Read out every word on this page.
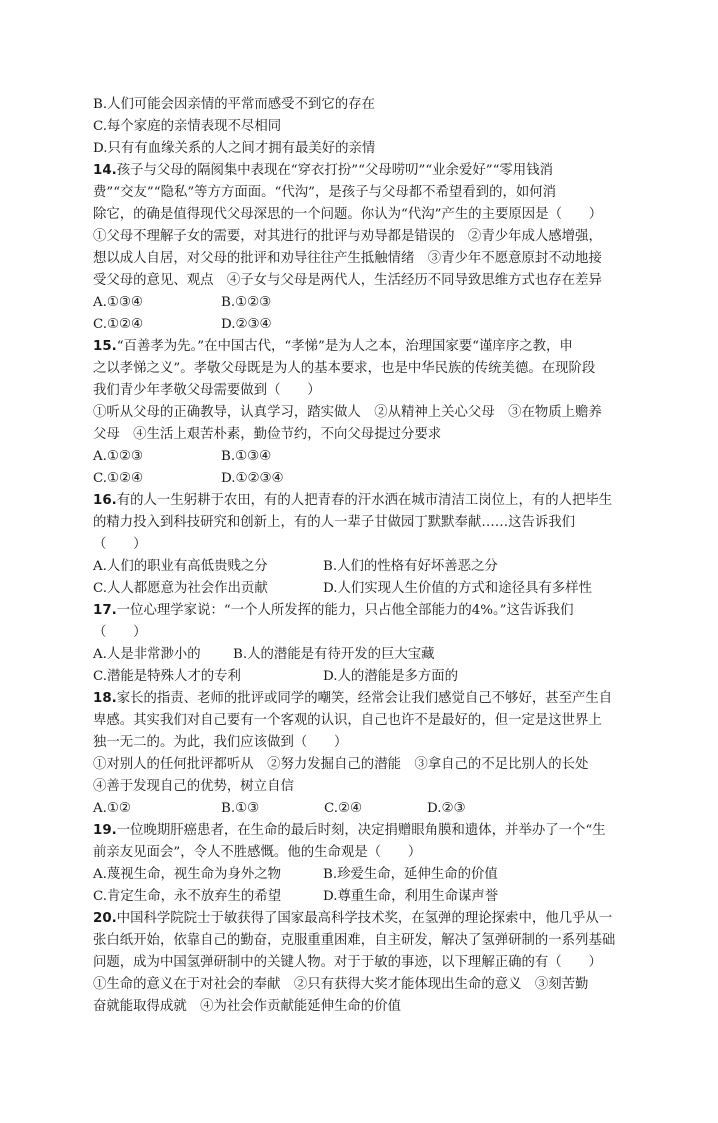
B.人们可能会因亲情的平常而感受不到它的存在
C.每个家庭的亲情表现不尽相同
D.只有有血缘关系的人之间才拥有最美好的亲情
14.孩子与父母的隔阂集中表现在“穿衣打扮”“父母唠叨”“业余爱好”“零用钱消
费”“交友”“隐私”等方方面面。“代沟”，是孩子与父母都不希望看到的，如何消
除它，的确是值得现代父母深思的一个问题。你认为“代沟”产生的主要原因是（　　）
①父母不理解子女的需要，对其进行的批评与劝导都是错误的　②青少年成人感增强，
想以成人自居，对父母的批评和劝导往往产生抵触情绪　③青少年不愿意原封不动地接
受父母的意见、观点　④子女与父母是两代人，生活经历不同导致思维方式也存在差异
A.①③④	B.①②③
C.①②④	D.②③④
15.“百善孝为先。”在中国古代，“孝悌”是为人之本，治理国家要“谨庠序之教，申
之以孝悌之义”。孝敬父母既是为人的基本要求，也是中华民族的传统美德。在现阶段
我们青少年孝敬父母需要做到（　　）
①听从父母的正确教导，认真学习，踏实做人　②从精神上关心父母　③在物质上赡养
父母　④生活上艰苦朴素，勤俭节约，不向父母提过分要求
A.①②③	B.①③④
C.①②④	D.①②③④
16.有的人一生躬耕于农田，有的人把青春的汗水洒在城市清洁工岗位上，有的人把毕生
的精力投入到科技研究和创新上，有的人一辈子甘做园丁默默奉献……这告诉我们
（　　）
A.人们的职业有高低贵贱之分	B.人们的性格有好坏善恶之分
C.人人都愿意为社会作出贡献	D.人们实现人生价值的方式和途径具有多样性
17.一位心理学家说：“一个人所发挥的能力，只占他全部能力的4%。”这告诉我们
（　　）
A.人是非常渺小的	B.人的潜能是有待开发的巨大宝藏
C.潜能是特殊人才的专利	D.人的潜能是多方面的
18.家长的指责、老师的批评或同学的嘲笑，经常会让我们感觉自己不够好，甚至产生自
卑感。其实我们对自己要有一个客观的认识，自己也许不是最好的，但一定是这世界上
独一无二的。为此，我们应该做到（　　）
①对别人的任何批评都听从　②努力发掘自己的潜能　③拿自己的不足比别人的长处
④善于发现自己的优势，树立自信
A.①②	B.①③	C.②④	D.②③
19.一位晚期肝癌患者，在生命的最后时刻，决定捐赠眼角膜和遗体，并举办了一个“生
前亲友见面会”，令人不胜感慨。他的生命观是（　　）
A.蔑视生命，视生命为身外之物	B.珍爱生命，延伸生命的价值
C.肯定生命，永不放弃生的希望	D.尊重生命，利用生命谋声誉
20.中国科学院院士于敏获得了国家最高科学技术奖，在氢弹的理论探索中，他几乎从一
张白纸开始，依靠自己的勤奋，克服重重困难，自主研发，解决了氢弹研制的一系列基础
问题，成为中国氢弹研制中的关键人物。对于于敏的事迹，以下理解正确的有（　　）
①生命的意义在于对社会的奉献　②只有获得大奖才能体现出生命的意义　③刻苦勤
奋就能取得成就　④为社会作贡献能延伸生命的价值
